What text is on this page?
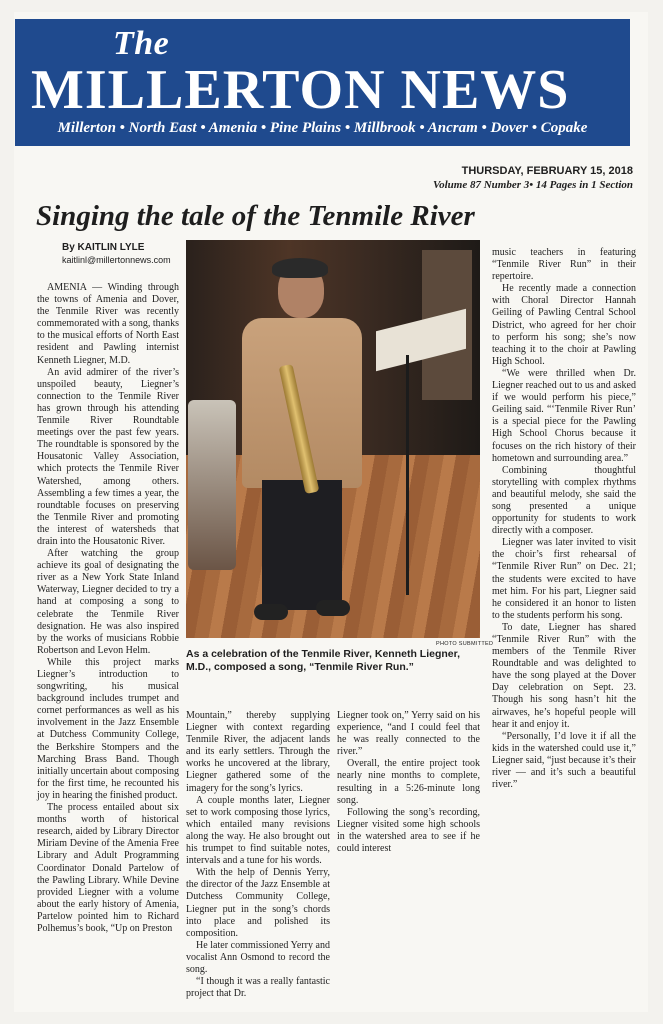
The
MILLERTON NEWS
Millerton • North East • Amenia • Pine Plains • Millbrook • Ancram • Dover • Copake
THURSDAY, FEBRUARY 15, 2018
Volume 87 Number 3• 14 Pages in 1 Section
Singing the tale of the Tenmile River
By KAITLIN LYLE
kaitlinl@millertonnews.com

AMENIA — Winding through the towns of Amenia and Dover, the Tenmile River was recently commemorated with a song, thanks to the musical efforts of North East resident and Pawling internist Kenneth Liegner, M.D.

An avid admirer of the river’s unspoiled beauty, Liegner’s connection to the Tenmile River has grown through his attending Tenmile River Roundtable meetings over the past few years. The roundtable is sponsored by the Housatonic Valley Association, which protects the Tenmile River Watershed, among others. Assembling a few times a year, the roundtable focuses on preserving the Tenmile River and promoting the interest of watersheds that drain into the Housatonic River.

After watching the group achieve its goal of designating the river as a New York State Inland Waterway, Liegner decided to try a hand at composing a song to celebrate the Tenmile River designation. He was also inspired by the works of musicians Robbie Robertson and Levon Helm.

While this project marks Liegner’s introduction to songwriting, his musical background includes trumpet and cornet performances as well as his involvement in the Jazz Ensemble at Dutchess Community College, the Berkshire Stompers and the Marching Brass Band. Though initially uncertain about composing for the first time, he recounted his joy in hearing the finished product.

The process entailed about six months worth of historical research, aided by Library Director Miriam Devine of the Amenia Free Library and Adult Programming Coordinator Donald Partelow of the Pawling Library. While Devine provided Liegner with a volume about the early history of Amenia, Partelow pointed him to Richard Polhemus’s book, “Up on Preston

PHOTO SUBMITTED
As a celebration of the Tenmile River, Kenneth Liegner, M.D., composed a song, “Tenmile River Run.”

Mountain,” thereby supplying Liegner with context regarding Tenmile River, the adjacent lands and its early settlers. Through the works he uncovered at the library, Liegner gathered some of the imagery for the song’s lyrics.

A couple months later, Liegner set to work composing those lyrics, which entailed many revisions along the way. He also brought out his trumpet to find suitable notes, intervals and a tune for his words.

With the help of Dennis Yerry, the director of the Jazz Ensemble at Dutchess Community College, Liegner put in the song’s chords into place and polished its composition.

He later commissioned Yerry and vocalist Ann Osmond to record the song.

“I though it was a really fantastic project that Dr.

Liegner took on,” Yerry said on his experience, “and I could feel that he was really connected to the river.”

Overall, the entire project took nearly nine months to complete, resulting in a 5:26-minute long song.

Following the song’s recording, Liegner visited some high schools in the watershed area to see if he could interest

music teachers in featuring “Tenmile River Run” in their repertoire.

He recently made a connection with Choral Director Hannah Geiling of Pawling Central School District, who agreed for her choir to perform his song; she’s now teaching it to the choir at Pawling High School.

“We were thrilled when Dr. Liegner reached out to us and asked if we would perform his piece,” Geiling said. “‘Tenmile River Run’ is a special piece for the Pawling High School Chorus because it focuses on the rich history of their hometown and surrounding area.”

Combining thoughtful storytelling with complex rhythms and beautiful melody, she said the song presented a unique opportunity for students to work directly with a composer.

Liegner was later invited to visit the choir’s first rehearsal of “Tenmile River Run” on Dec. 21; the students were excited to have met him. For his part, Liegner said he considered it an honor to listen to the students perform his song.

To date, Liegner has shared “Tenmile River Run” with the members of the Tenmile River Roundtable and was delighted to have the song played at the Dover Day celebration on Sept. 23. Though his song hasn’t hit the airwaves, he’s hopeful people will hear it and enjoy it.

“Personally, I’d love it if all the kids in the watershed could use it,” Liegner said, “just because it’s their river — and it’s such a beautiful river.”
